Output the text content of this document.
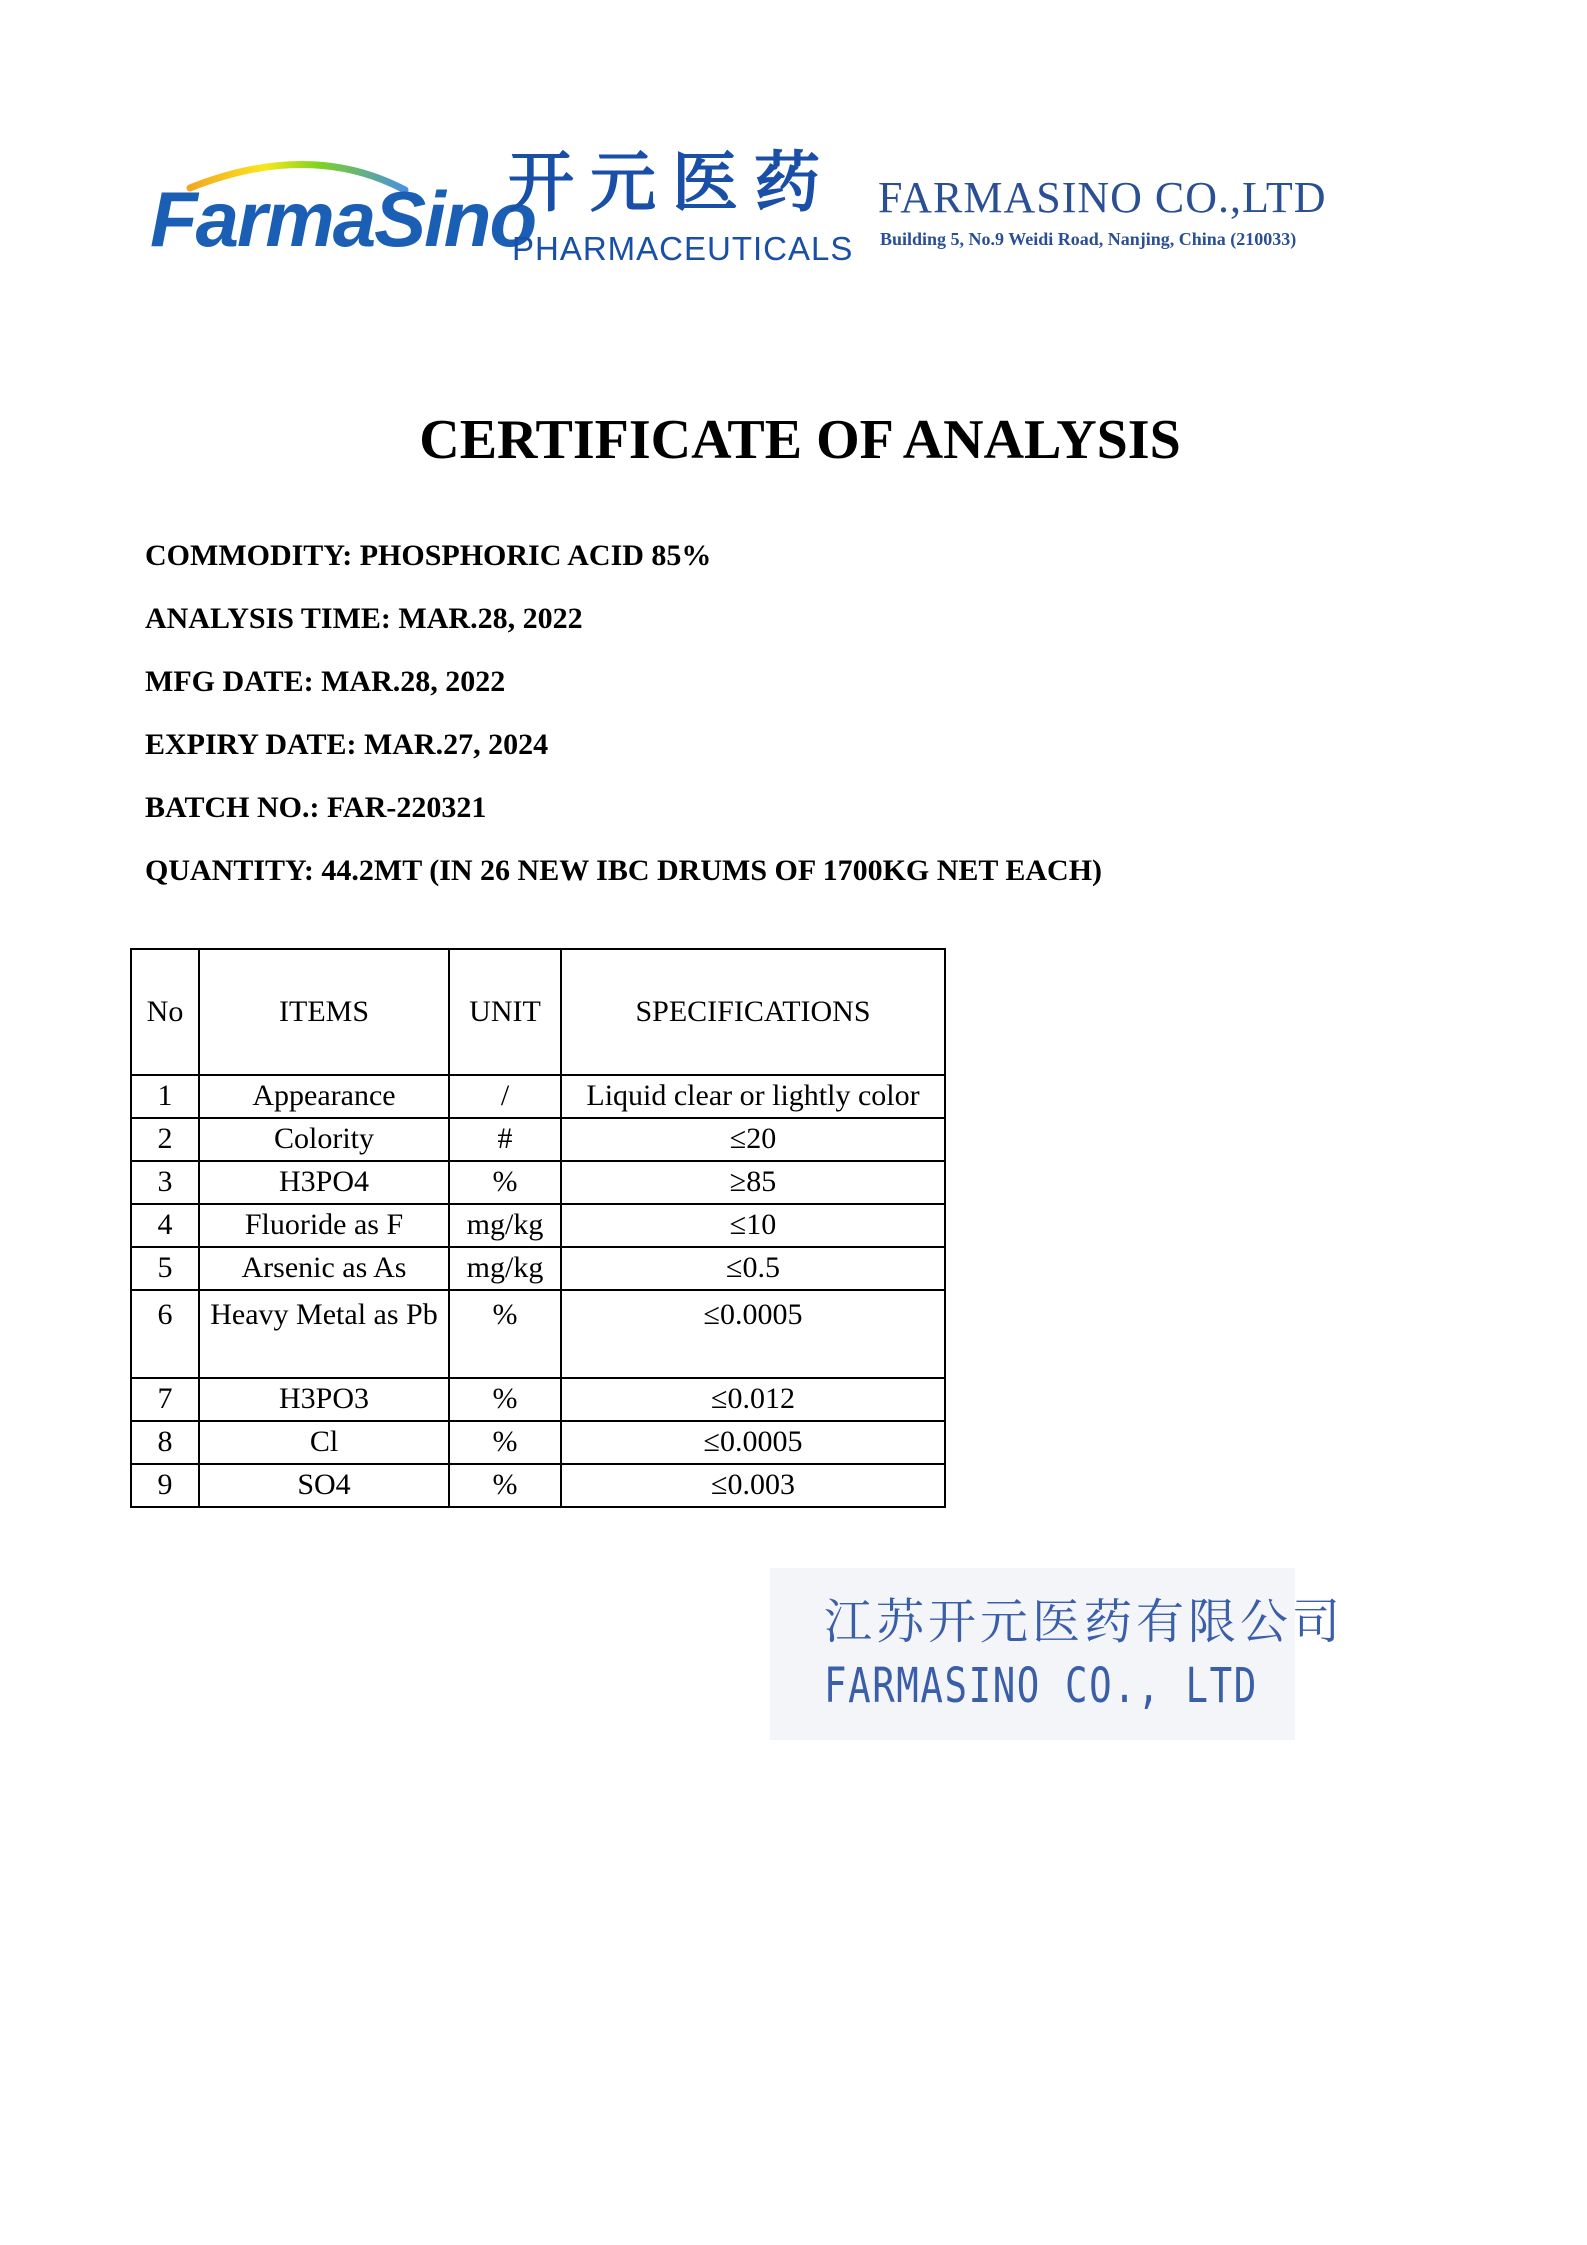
FarmaSino
开元医药
PHARMACEUTICALS
FARMASINO CO.,LTD
Building 5, No.9 Weidi Road, Nanjing, China (210033)
CERTIFICATE OF ANALYSIS
COMMODITY: PHOSPHORIC ACID 85%
ANALYSIS TIME: MAR.28, 2022
MFG DATE: MAR.28, 2022
EXPIRY DATE: MAR.27, 2024
BATCH NO.: FAR-220321
QUANTITY: 44.2MT (IN 26 NEW IBC DRUMS OF 1700KG NET EACH)
No	ITEMS	UNIT	SPECIFICATIONS
1	Appearance	/	Liquid clear or lightly color
2	Colority	#	≤20
3	H3PO4	%	≥85
4	Fluoride as F	mg/kg	≤10
5	Arsenic as As	mg/kg	≤0.5
6	Heavy Metal as Pb	%	≤0.0005
7	H3PO3	%	≤0.012
8	Cl	%	≤0.0005
9	SO4	%	≤0.003
江苏开元医药有限公司
FARMASINO CO., LTD
